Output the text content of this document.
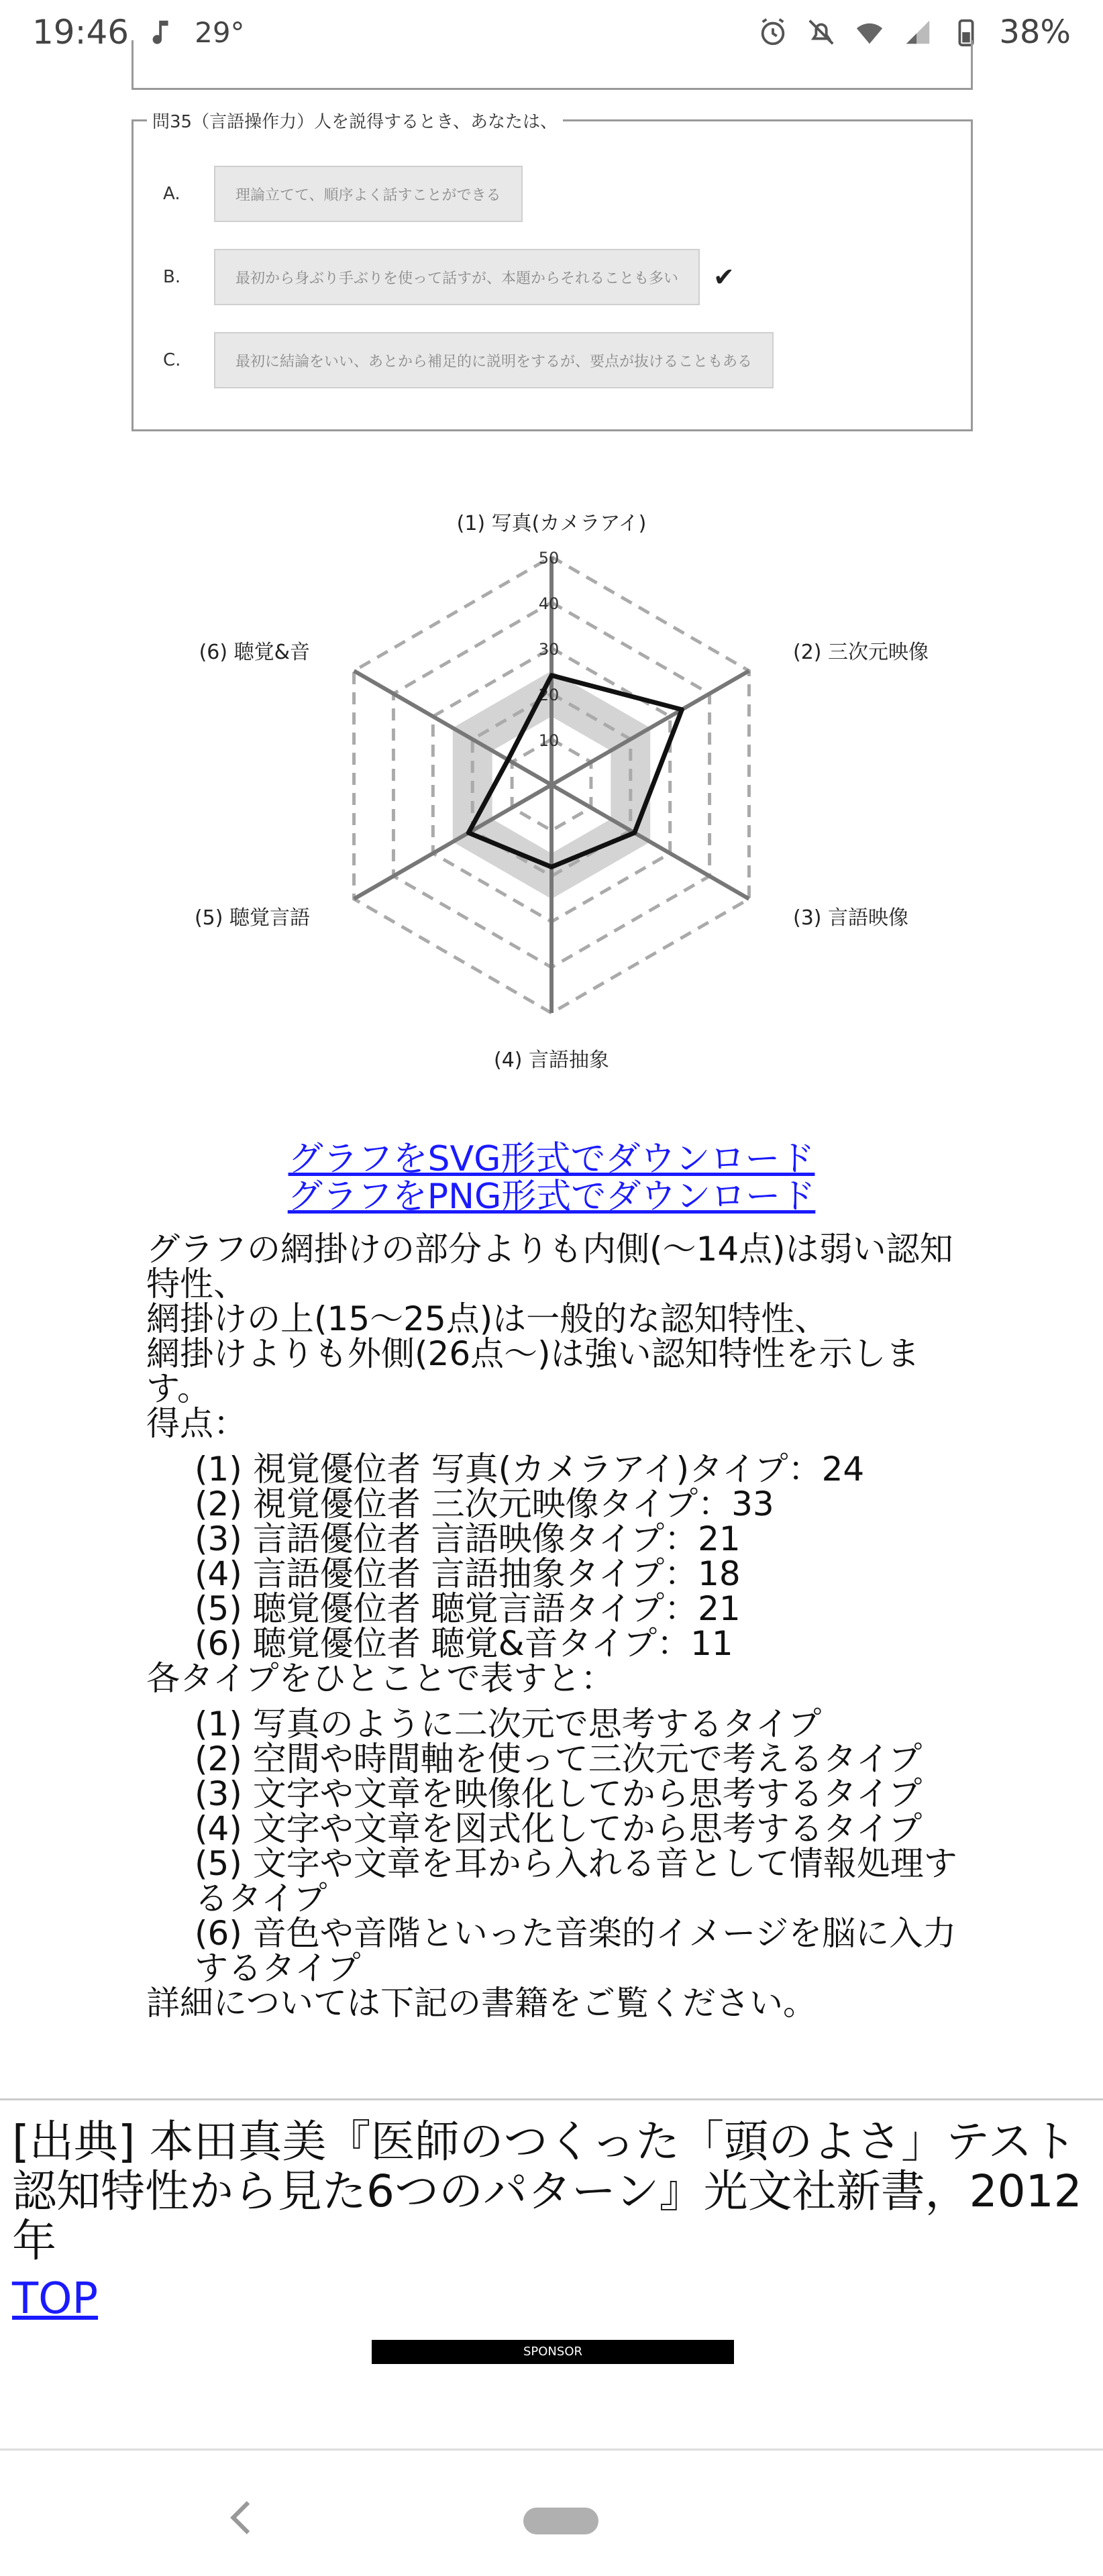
19:46 29°	38%
問35（言語操作力）人を説得するとき、あなたは、
A.	理論立てて、順序よく話すことができる
B.	最初から身ぶり手ぶりを使って話すが、本題からそれることも多い	✔
C.	最初に結論をいい、あとから補足的に説明をするが、要点が抜けることもある
10
20
30
40
50
(1) 写真(カメラアイ)
(2) 三次元映像
(3) 言語映像
(4) 言語抽象
(5) 聴覚言語
(6) 聴覚&音
グラフをSVG形式でダウンロード
グラフをPNG形式でダウンロード

グラフの網掛けの部分よりも内側(〜14点)は弱い認知特性、

網掛けの上(15〜25点)は一般的な認知特性、

網掛けよりも外側(26点〜)は強い認知特性を示します。

得点：

(1) 視覚優位者 写真(カメラアイ)タイプ：24
(2) 視覚優位者 三次元映像タイプ：33
(3) 言語優位者 言語映像タイプ：21
(4) 言語優位者 言語抽象タイプ：18
(5) 聴覚優位者 聴覚言語タイプ：21
(6) 聴覚優位者 聴覚&音タイプ：11

各タイプをひとことで表すと：

(1) 写真のように二次元で思考するタイプ
(2) 空間や時間軸を使って三次元で考えるタイプ
(3) 文字や文章を映像化してから思考するタイプ
(4) 文字や文章を図式化してから思考するタイプ
(5) 文字や文章を耳から入れる音として情報処理するタイプ
(6) 音色や音階といった音楽的イメージを脳に入力するタイプ

詳細については下記の書籍をご覧ください。

[出典] 本田真美『医師のつくった「頭のよさ」テスト 認知特性から見た6つのパターン』光文社新書，2012年
TOP
SPONSOR
